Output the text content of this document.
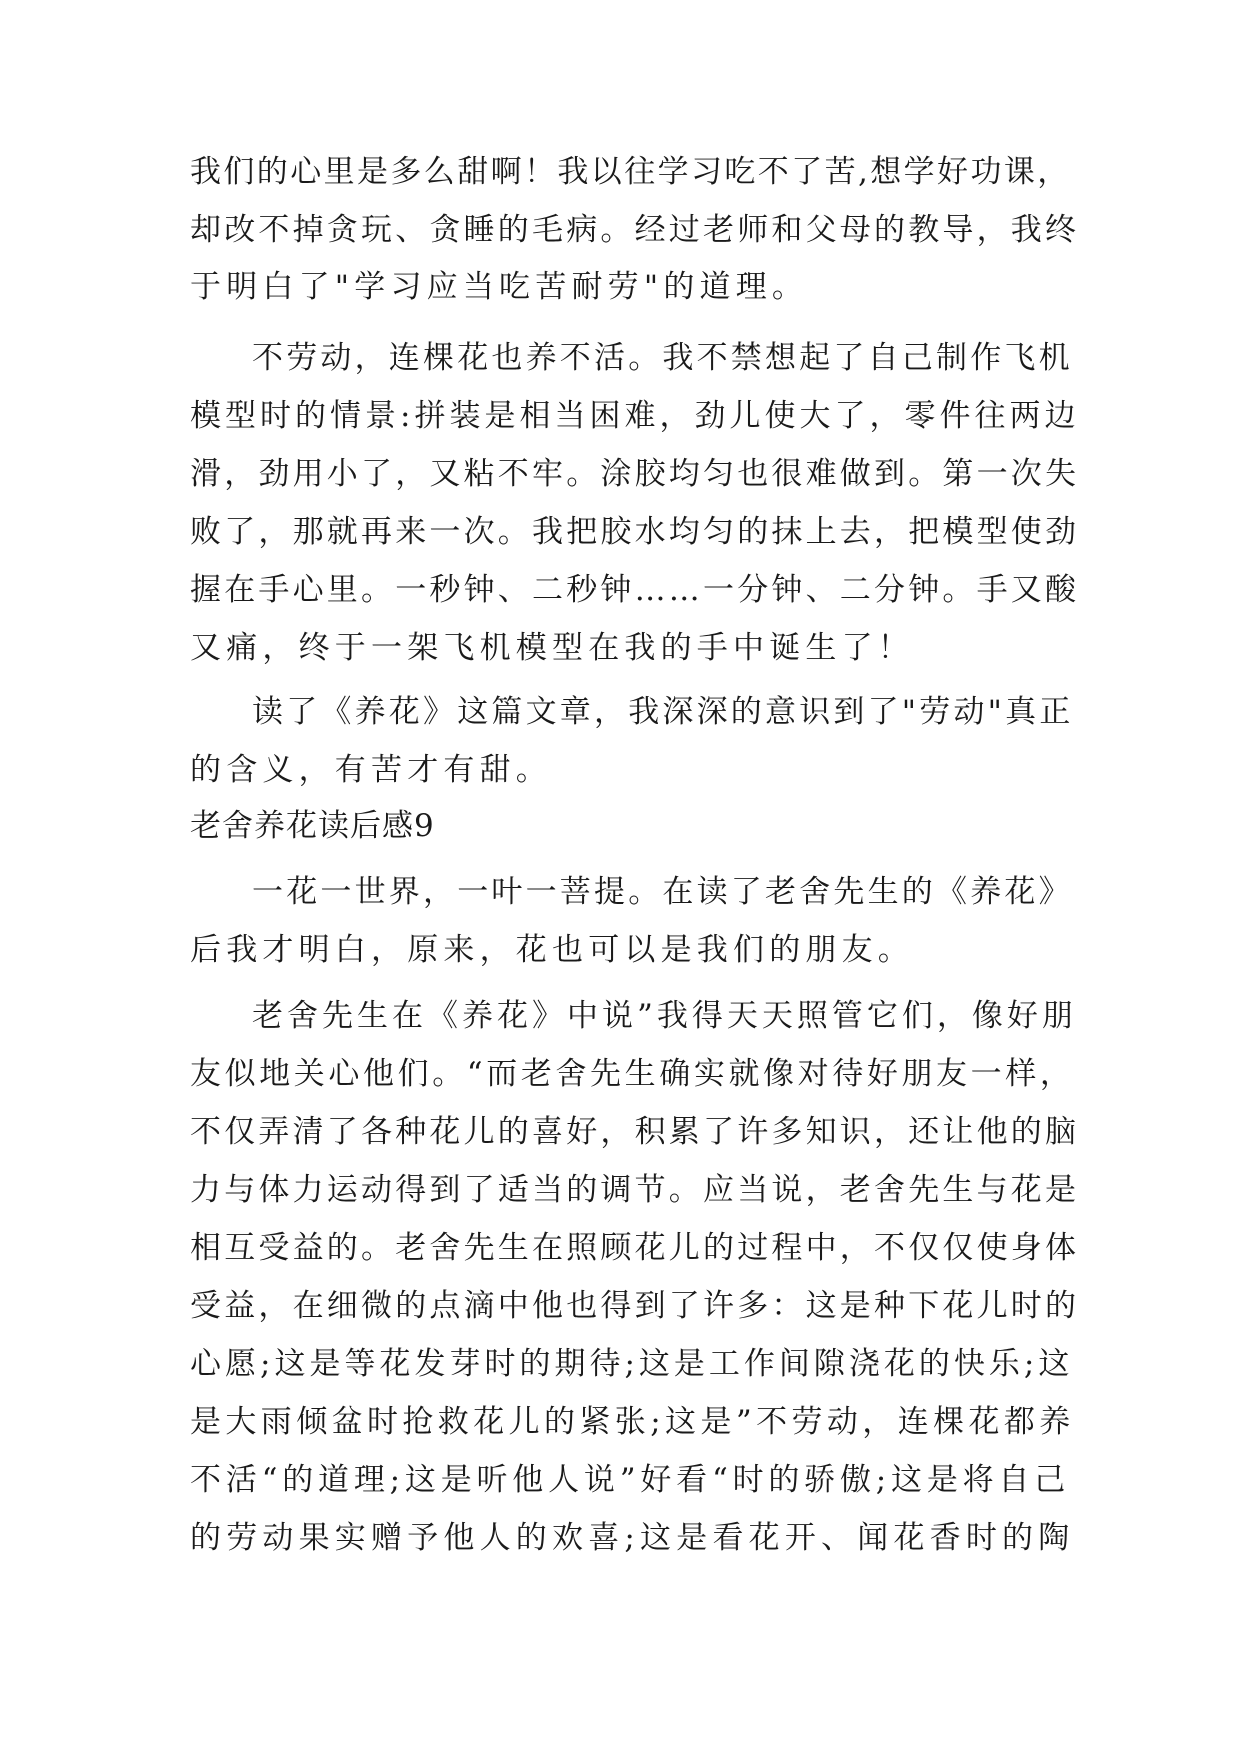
我们的心里是多么甜啊！我以往学习吃不了苦,想学好功课，
却改不掉贪玩、贪睡的毛病。经过老师和父母的教导，我终
于明白了"学习应当吃苦耐劳"的道理。
不劳动，连棵花也养不活。我不禁想起了自己制作飞机
模型时的情景:拼装是相当困难，劲儿使大了，零件往两边
滑，劲用小了，又粘不牢。涂胶均匀也很难做到。第一次失
败了，那就再来一次。我把胶水均匀的抹上去，把模型使劲
握在手心里。一秒钟、二秒钟……一分钟、二分钟。手又酸
又痛，终于一架飞机模型在我的手中诞生了！
读了《养花》这篇文章，我深深的意识到了"劳动"真正
的含义，有苦才有甜。
老舍养花读后感9
一花一世界，一叶一菩提。在读了老舍先生的《养花》
后我才明白，原来，花也可以是我们的朋友。
老舍先生在《养花》中说”我得天天照管它们，像好朋
友似地关心他们。“而老舍先生确实就像对待好朋友一样，
不仅弄清了各种花儿的喜好，积累了许多知识，还让他的脑
力与体力运动得到了适当的调节。应当说，老舍先生与花是
相互受益的。老舍先生在照顾花儿的过程中，不仅仅使身体
受益，在细微的点滴中他也得到了许多：这是种下花儿时的
心愿;这是等花发芽时的期待;这是工作间隙浇花的快乐;这
是大雨倾盆时抢救花儿的紧张;这是”不劳动，连棵花都养
不活“的道理;这是听他人说”好看“时的骄傲;这是将自己
的劳动果实赠予他人的欢喜;这是看花开、闻花香时的陶
